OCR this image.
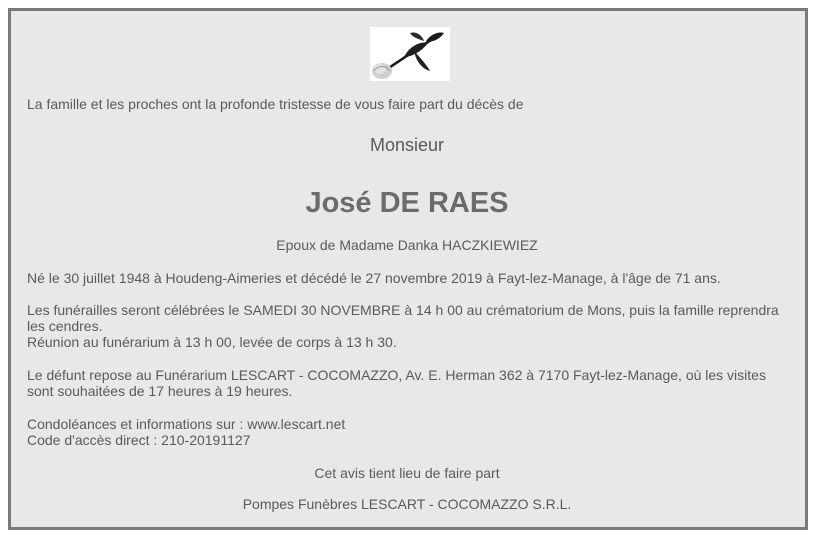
La famille et les proches ont la profonde tristesse de vous faire part du décès de

Monsieur

José DE RAES

Epoux de Madame Danka HACZKIEWIEZ

Né le 30 juillet 1948 à Houdeng-Aimeries et décédé le 27 novembre 2019 à Fayt-lez-Manage, à l'âge de 71 ans.

Les funérailles seront célébrées le SAMEDI 30 NOVEMBRE à 14 h 00 au crématorium de Mons, puis la famille reprendra les cendres.
Réunion au funérarium à 13 h 00, levée de corps à 13 h 30.

Le défunt repose au Funérarium LESCART - COCOMAZZO, Av. E. Herman 362 à 7170 Fayt-lez-Manage, où les visites sont souhaitées de 17 heures à 19 heures.

Condoléances et informations sur : www.lescart.net
Code d'accès direct : 210-20191127

Cet avis tient lieu de faire part

Pompes Funèbres LESCART - COCOMAZZO S.R.L.
